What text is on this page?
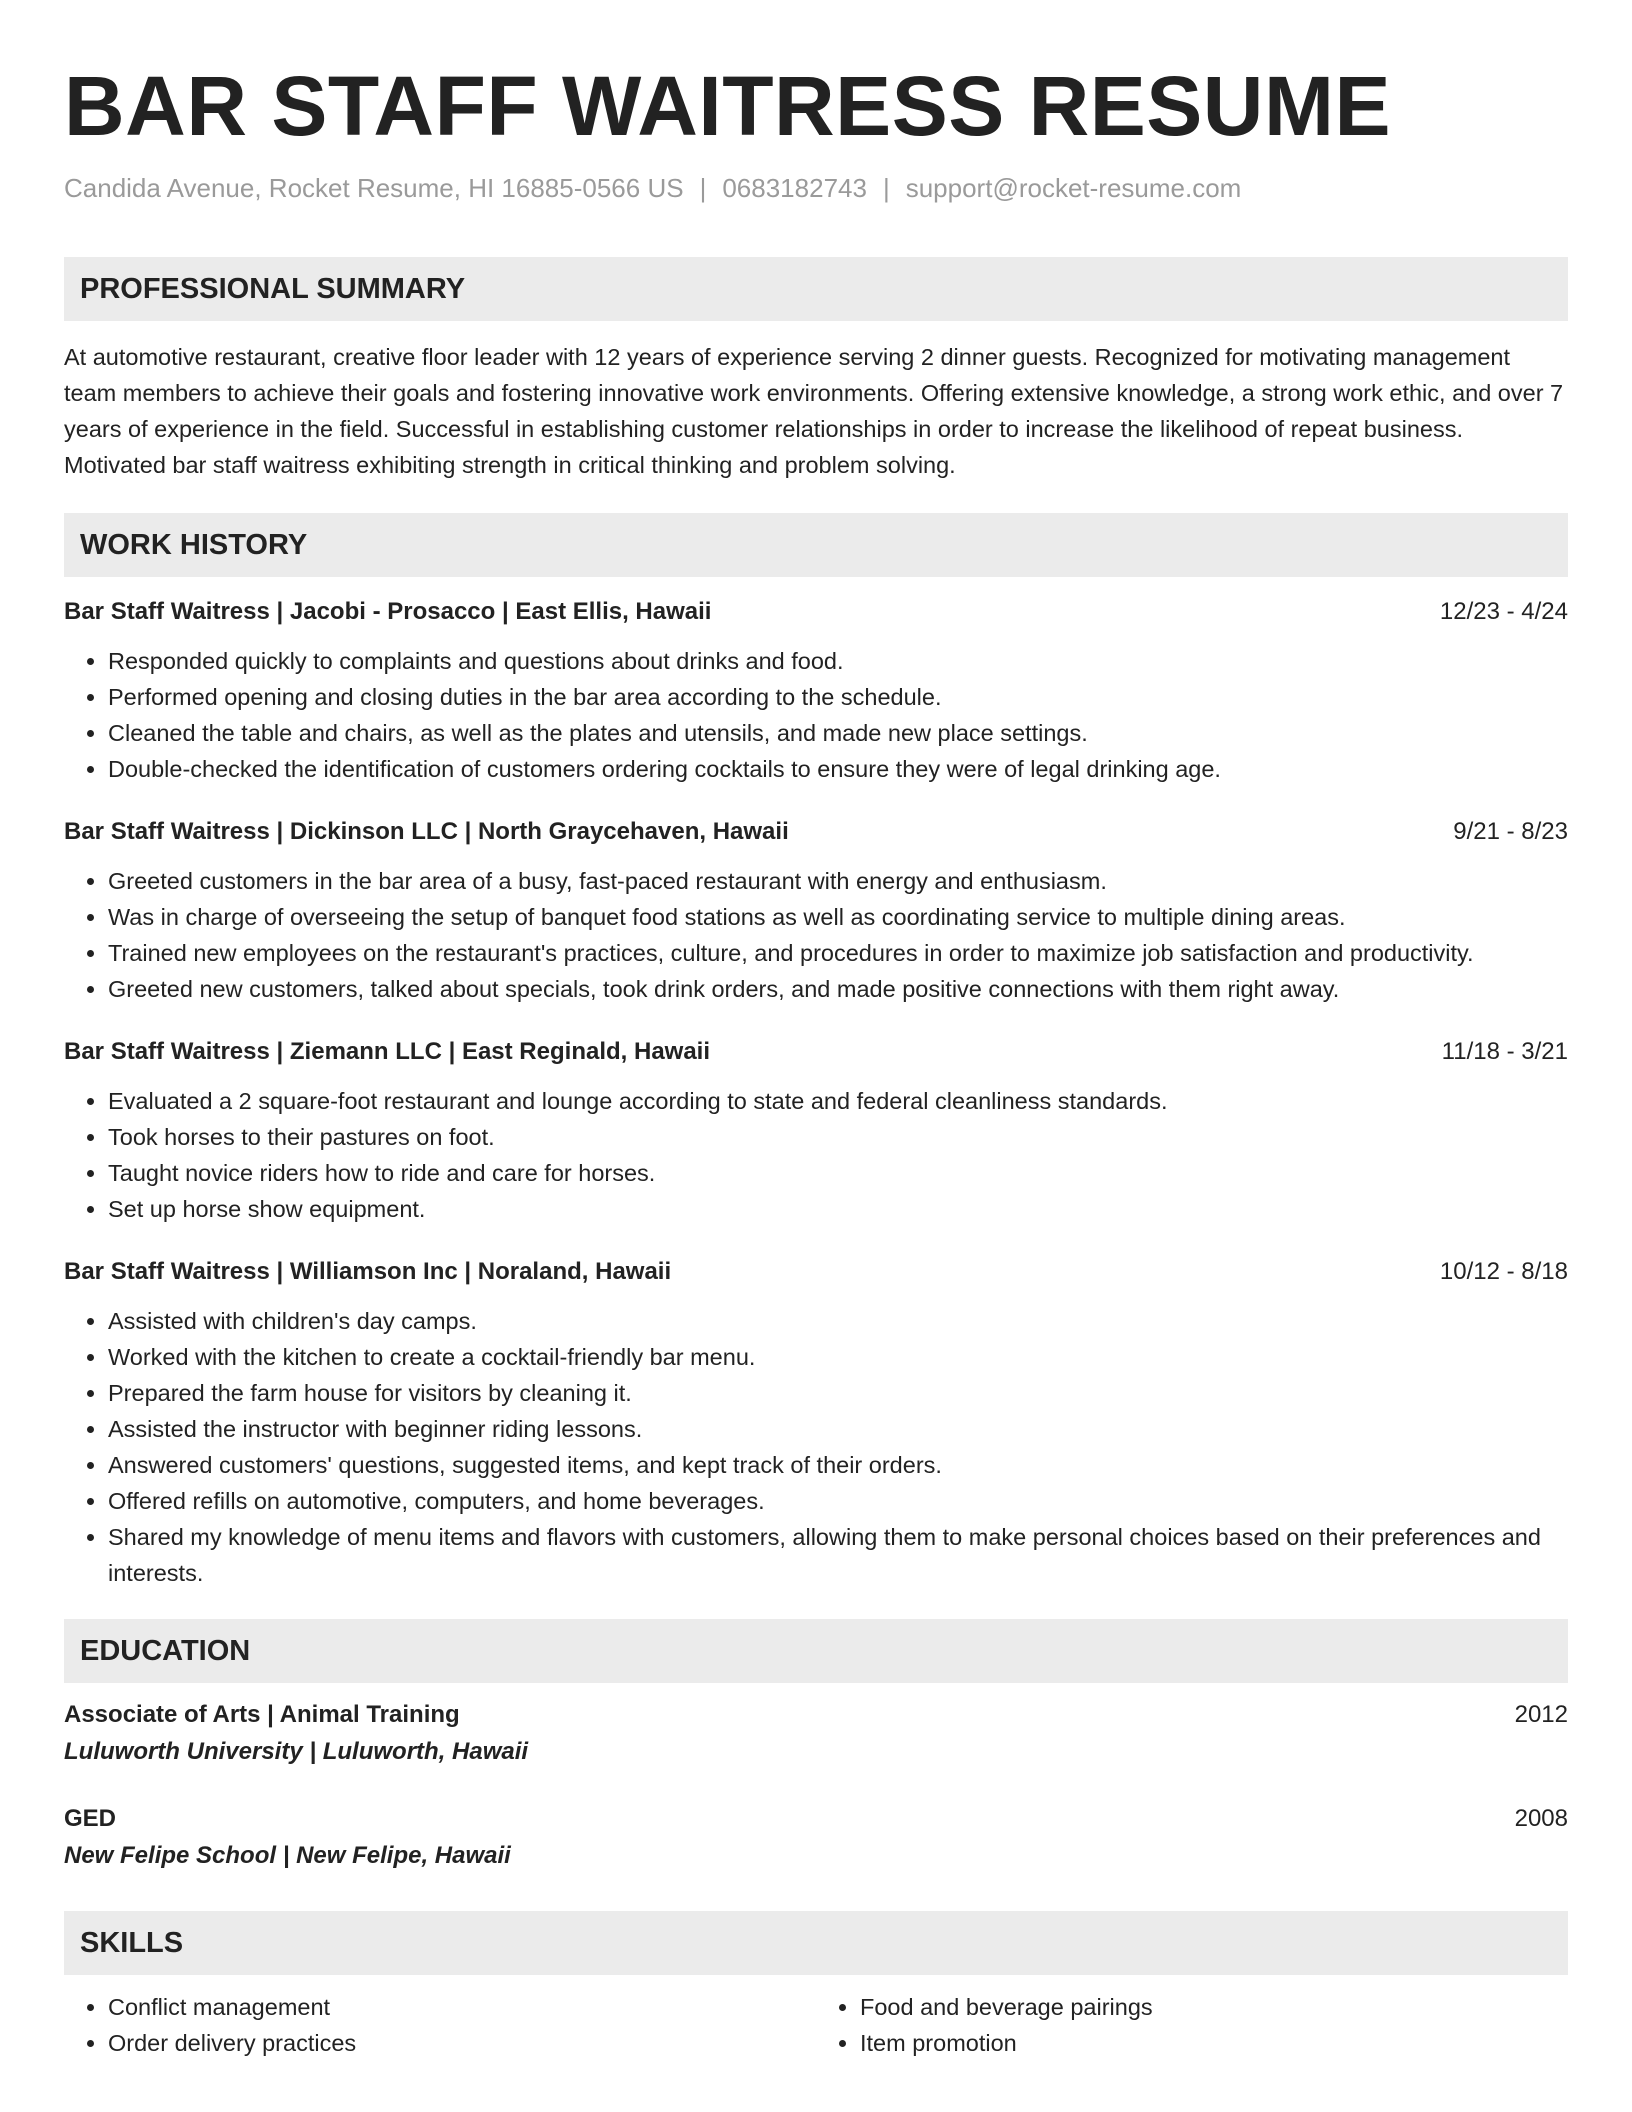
BAR STAFF WAITRESS RESUME
Candida Avenue, Rocket Resume, HI 16885-0566 US | 0683182743 | support@rocket-resume.com
PROFESSIONAL SUMMARY

At automotive restaurant, creative floor leader with 12 years of experience serving 2 dinner guests. Recognized for motivating management team members to achieve their goals and fostering innovative work environments. Offering extensive knowledge, a strong work ethic, and over 7 years of experience in the field. Successful in establishing customer relationships in order to increase the likelihood of repeat business. Motivated bar staff waitress exhibiting strength in critical thinking and problem solving.

WORK HISTORY
Bar Staff Waitress | Jacobi - Prosacco | East Ellis, Hawaii	12/23 - 4/24
• Responded quickly to complaints and questions about drinks and food.
• Performed opening and closing duties in the bar area according to the schedule.
• Cleaned the table and chairs, as well as the plates and utensils, and made new place settings.
• Double-checked the identification of customers ordering cocktails to ensure they were of legal drinking age.
Bar Staff Waitress | Dickinson LLC | North Graycehaven, Hawaii	9/21 - 8/23
• Greeted customers in the bar area of a busy, fast-paced restaurant with energy and enthusiasm.
• Was in charge of overseeing the setup of banquet food stations as well as coordinating service to multiple dining areas.
• Trained new employees on the restaurant's practices, culture, and procedures in order to maximize job satisfaction and productivity.
• Greeted new customers, talked about specials, took drink orders, and made positive connections with them right away.
Bar Staff Waitress | Ziemann LLC | East Reginald, Hawaii	11/18 - 3/21
• Evaluated a 2 square-foot restaurant and lounge according to state and federal cleanliness standards.
• Took horses to their pastures on foot.
• Taught novice riders how to ride and care for horses.
• Set up horse show equipment.
Bar Staff Waitress | Williamson Inc | Noraland, Hawaii	10/12 - 8/18
• Assisted with children's day camps.
• Worked with the kitchen to create a cocktail-friendly bar menu.
• Prepared the farm house for visitors by cleaning it.
• Assisted the instructor with beginner riding lessons.
• Answered customers' questions, suggested items, and kept track of their orders.
• Offered refills on automotive, computers, and home beverages.
• Shared my knowledge of menu items and flavors with customers, allowing them to make personal choices based on their preferences and interests.
EDUCATION
Associate of Arts | Animal Training	2012
Luluworth University | Luluworth, Hawaii
GED	2008
New Felipe School | New Felipe, Hawaii
SKILLS
• Conflict management
• Order delivery practices
• Food and beverage pairings
• Item promotion
